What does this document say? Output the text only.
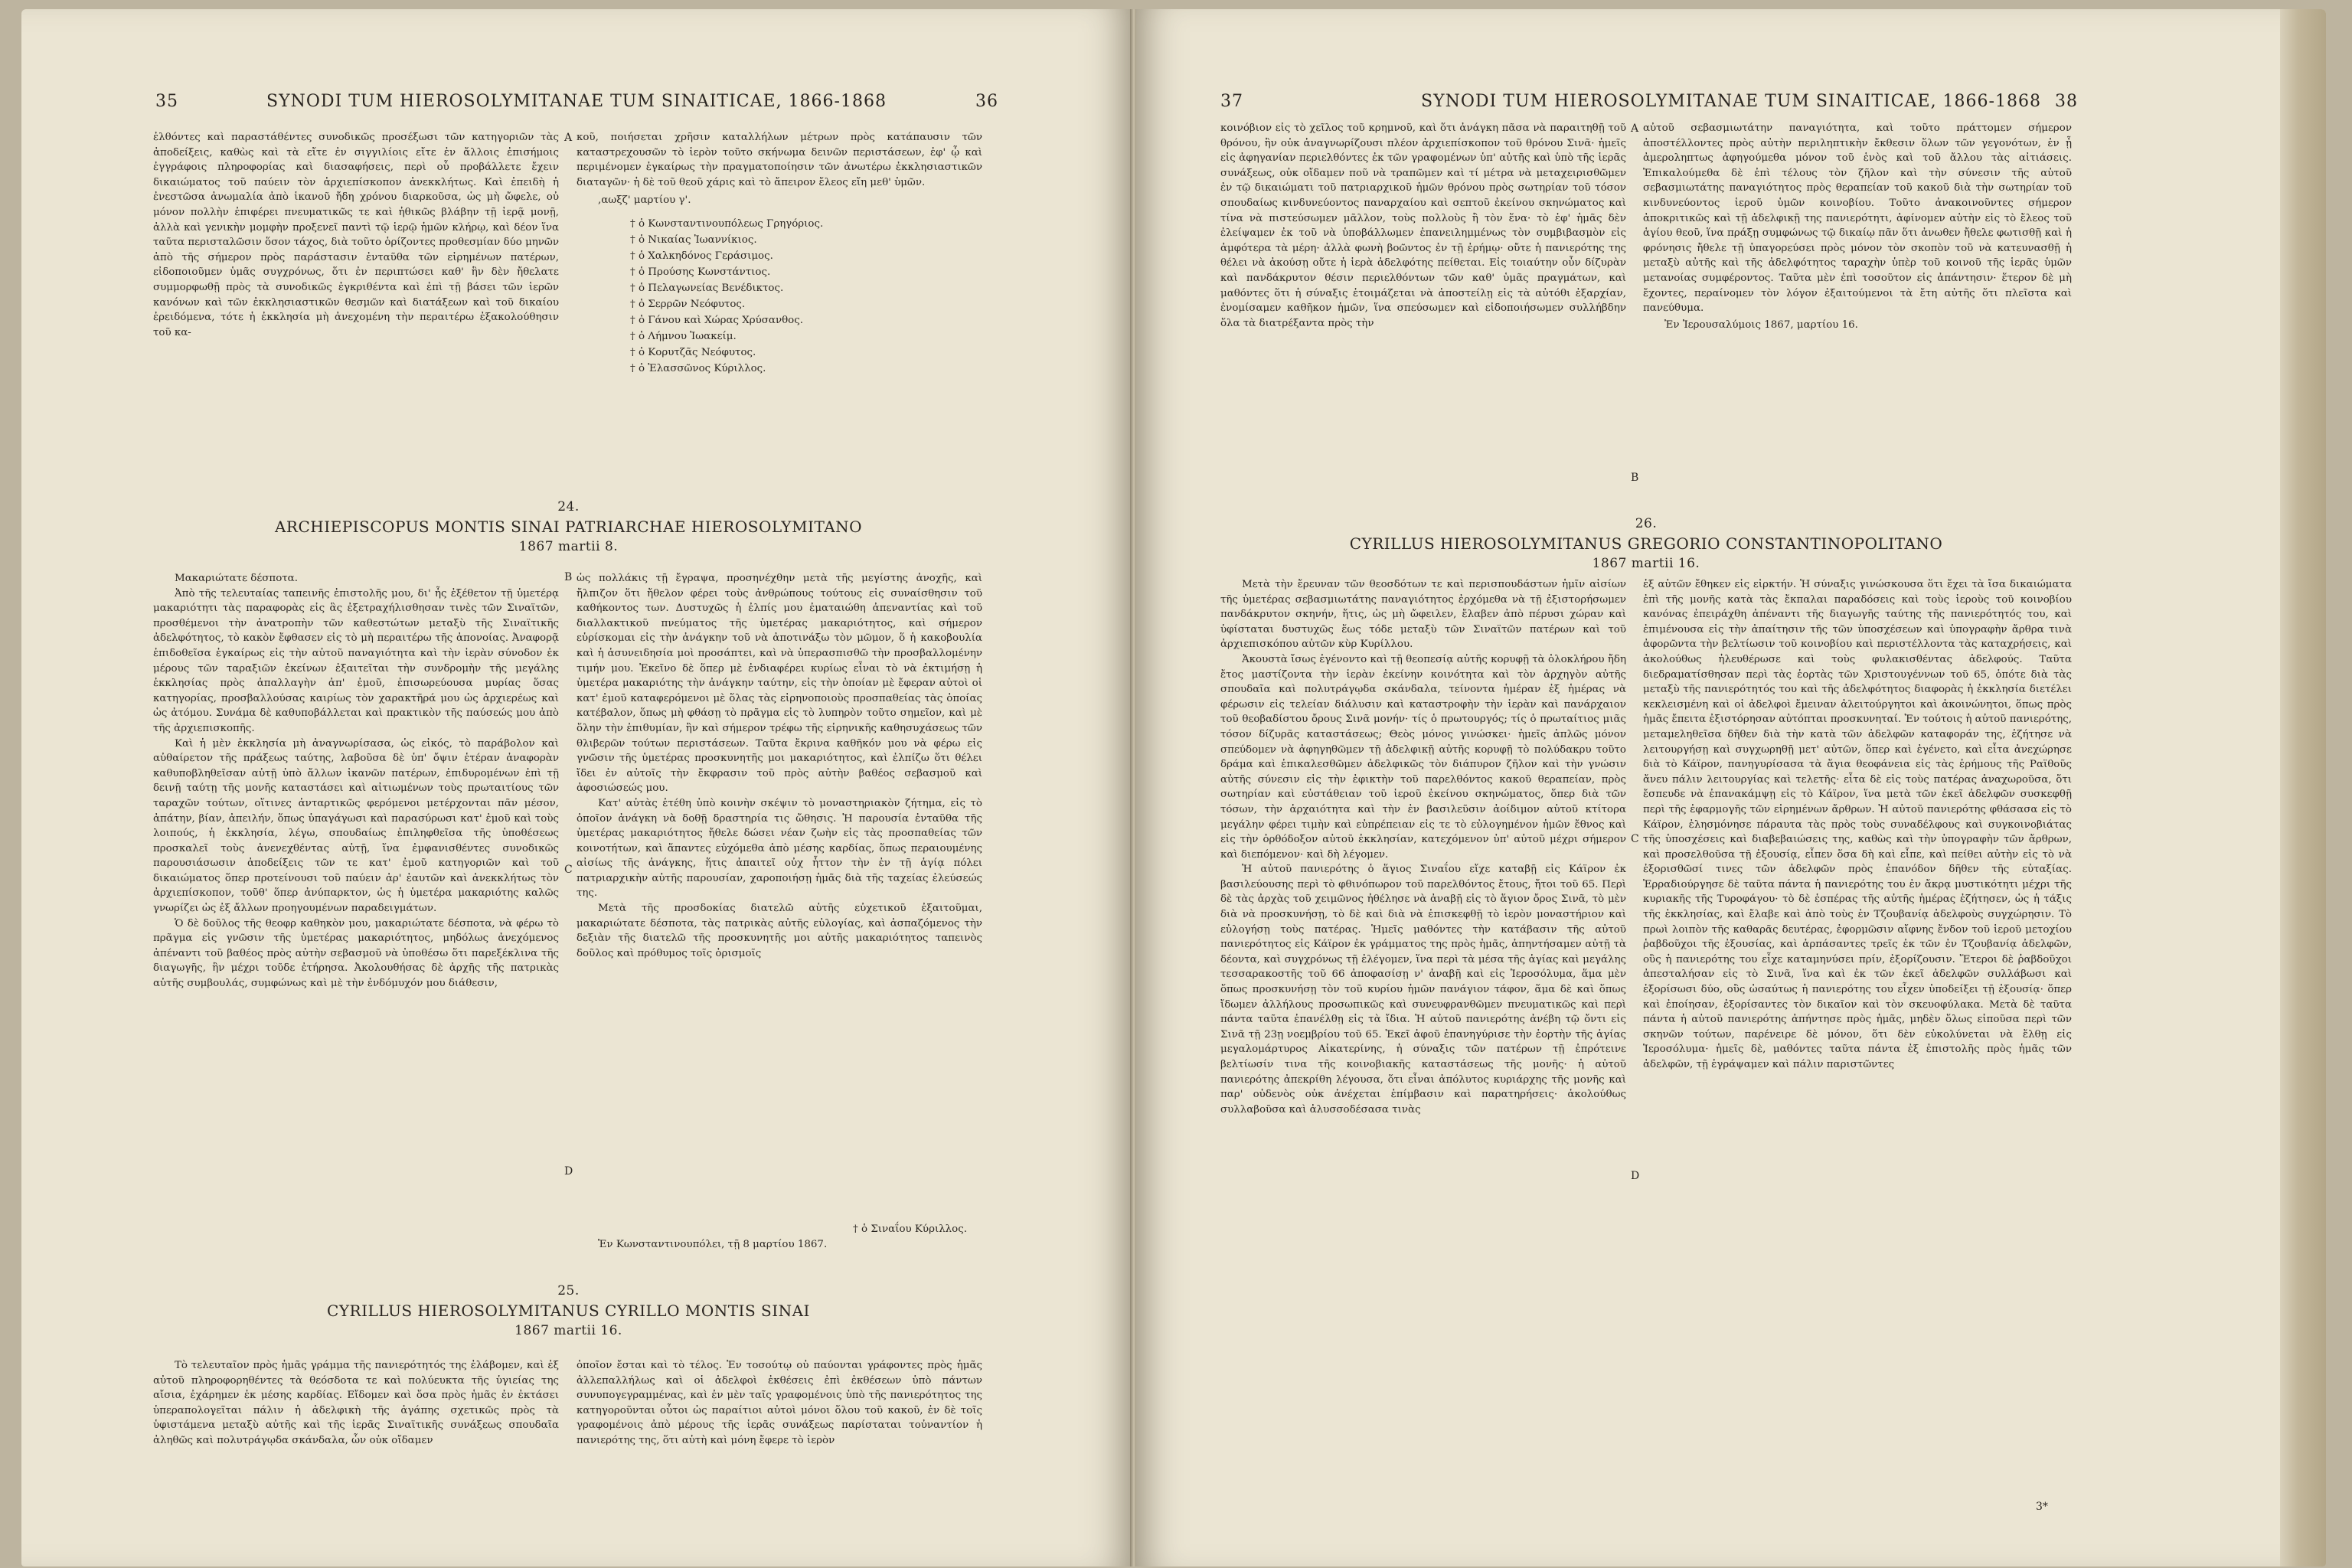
35	SYNODI TUM HIEROSOLYMITANAE TUM SINAITICAE, 1866-1868	36

ἐλθόντες καὶ παραστάθέντες συνοδικῶς προσέξωσι τῶν κατηγοριῶν τὰς ἀποδείξεις, καθὼς καὶ τὰ εἴτε ἐν σιγγιλίοις εἴτε ἐν ἄλλοις ἐπισήμοις ἐγγράφοις πληροφορίας καὶ διασαφήσεις, περὶ οὗ προβάλλετε ἔχειν δικαιώματος τοῦ παύειν τὸν ἀρχιεπίσκοπον ἀνεκκλήτως. Καὶ ἐπειδὴ ἡ ἐνεστῶσα ἀνωμαλία ἀπὸ ἱκανοῦ ἤδη χρόνου διαρκοῦσα, ὡς μὴ ὤφελε, οὐ μόνον πολλὴν ἐπιφέρει πνευματικῶς τε καὶ ἠθικῶς βλάβην τῇ ἱερᾷ μονῇ, ἀλλὰ καὶ γενικὴν μομφὴν προξενεῖ παντὶ τῷ ἱερῷ ἡμῶν κλήρῳ, καὶ δέον ἵνα ταῦτα περισταλῶσιν ὅσον τάχος, διὰ τοῦτο ὁρίζοντες προθεσμίαν δύο μηνῶν ἀπὸ τῆς σήμερον πρὸς παράστασιν ἐνταῦθα τῶν εἰρημένων πατέρων, εἰδοποιοῦμεν ὑμᾶς συγχρόνως, ὅτι ἐν περιπτώσει καθ' ἣν δὲν ἤθελατε συμμορφωθῇ πρὸς τὰ συνοδικῶς ἐγκριθέντα καὶ ἐπὶ τῇ βάσει τῶν ἱερῶν κανόνων καὶ τῶν ἐκκλησιαστικῶν θεσμῶν καὶ διατάξεων καὶ τοῦ δικαίου ἐρειδόμενα, τότε ἡ ἐκκλησία μὴ ἀνεχομένη τὴν περαιτέρω ἐξακολούθησιν τοῦ κα-

κοῦ, ποιήσεται χρῆσιν καταλλήλων μέτρων πρὸς κατάπαυσιν τῶν καταστρεχουσῶν τὸ ἱερὸν τοῦτο σκήνωμα δεινῶν περιστάσεων, ἐφ' ᾧ καὶ περιμένομεν ἐγκαίρως τὴν πραγματοποίησιν τῶν ἀνωτέρω ἐκκλησιαστικῶν διαταγῶν· ἡ δὲ τοῦ θεοῦ χάρις καὶ τὸ ἄπειρον ἔλεος εἴη μεθ' ὑμῶν.

,αωξζ' μαρτίου γ'.

† ὁ Κωνσταντινουπόλεως Γρηγόριος.
† ὁ Νικαίας Ἰωαννίκιος.
† ὁ Χαλκηδόνος Γεράσιμος.
† ὁ Προύσης Κωνστάντιος.
† ὁ Πελαγωνείας Βενέδικτος.
† ὁ Σερρῶν Νεόφυτος.
† ὁ Γάνου καὶ Χώρας Χρύσανθος.
† ὁ Λήμνου Ἰωακείμ.
† ὁ Κορυτζᾶς Νεόφυτος.
† ὁ Ἐλασσῶνος Κύριλλος.
24.
ARCHIEPISCOPUS MONTIS SINAI PATRIARCHAE HIEROSOLYMITANO
1867 martii 8.

Μακαριώτατε δέσποτα.

Ἀπὸ τῆς τελευταίας ταπεινῆς ἐπιστολῆς μου, δι' ἧς ἐξέθετον τῇ ὑμετέρᾳ μακαριότητι τὰς παραφορὰς εἰς ἃς ἐξετραχήλισθησαν τινὲς τῶν Σιναϊτῶν, προσθέμενοι τὴν ἀνατροπὴν τῶν καθεστώτων μεταξὺ τῆς Σιναϊτικῆς ἀδελφότητος, τὸ κακὸν ἔφθασεν εἰς τὸ μὴ περαιτέρω τῆς ἀπονοίας. Ἀναφορᾷ ἐπιδοθεῖσα ἐγκαίρως εἰς τὴν αὐτοῦ παναγιότητα καὶ τὴν ἱερὰν σύνοδον ἐκ μέρους τῶν ταραξιῶν ἐκείνων ἐξαιτεῖται τὴν συνδρομὴν τῆς μεγάλης ἐκκλησίας πρὸς ἀπαλλαγὴν ἀπ' ἐμοῦ, ἐπισωρεύουσα μυρίας ὅσας κατηγορίας, προσβαλλούσας καιρίως τὸν χαρακτῆρά μου ὡς ἀρχιερέως καὶ ὡς ἀτόμου. Συνάμα δὲ καθυποβάλλεται καὶ πρακτικὸν τῆς παύσεώς μου ἀπὸ τῆς ἀρχιεπισκοπῆς.

Καὶ ἡ μὲν ἐκκλησία μὴ ἀναγνωρίσασα, ὡς εἰκός, τὸ παράβολον καὶ αὐθαίρετον τῆς πράξεως ταύτης, λαβοῦσα δὲ ὑπ' ὄψιν ἑτέραν ἀναφορὰν καθυποβληθεῖσαν αὐτῇ ὑπὸ ἄλλων ἱκανῶν πατέρων, ἐπιδυρομένων ἐπὶ τῇ δεινῇ ταύτῃ τῆς μονῆς καταστάσει καὶ αἰτιωμένων τοὺς πρωταιτίους τῶν ταραχῶν τούτων, οἵτινες ἀνταρτικῶς φερόμενοι μετέρχονται πᾶν μέσον, ἀπάτην, βίαν, ἀπειλήν, ὅπως ὑπαγάγωσι καὶ παρασύρωσι κατ' ἐμοῦ καὶ τοὺς λοιπούς, ἡ ἐκκλησία, λέγω, σπουδαίως ἐπιληφθεῖσα τῆς ὑποθέσεως προσκαλεῖ τοὺς ἀνενεχθέντας αὐτῇ, ἵνα ἐμφανισθέντες συνοδικῶς παρουσιάσωσιν ἀποδείξεις τῶν τε κατ' ἐμοῦ κατηγοριῶν καὶ τοῦ δικαιώματος ὅπερ προτείνουσι τοῦ παύειν ἀρ' ἑαυτῶν καὶ ἀνεκκλήτως τὸν ἀρχιεπίσκοπον, τοῦθ' ὅπερ ἀνύπαρκτον, ὡς ἡ ὑμετέρα μακαριότης καλῶς γνωρίζει ὡς ἐξ ἄλλων προηγουμένων παραδειγμάτων.

Ὁ δὲ δοῦλος τῆς θεοφρ καθηκὸν μου, μακαριώτατε δέσποτα, νὰ φέρω τὸ πρᾶγμα εἰς γνῶσιν τῆς ὑμετέρας μακαριότητος, μηδόλως ἀνεχόμενος ἀπέναντι τοῦ βαθέος πρὸς αὐτὴν σεβασμοῦ νὰ ὑποθέσω ὅτι παρεξέκλινα τῆς διαγωγῆς, ἣν μέχρι τοῦδε ἐτήρησα. Ἀκολουθήσας δὲ ἀρχῆς τῆς πατρικὰς αὐτῆς συμβουλάς, συμφώνως καὶ μὲ τὴν ἐνδόμυχόν μου διάθεσιν,

ὡς πολλάκις τῇ ἔγραψα, προσηνέχθην μετὰ τῆς μεγίστης ἀνοχῆς, καὶ ἤλπιζον ὅτι ἤθελον φέρει τοὺς ἀνθρώπους τούτους εἰς συναίσθησιν τοῦ καθήκοντος των. Δυστυχῶς ἡ ἐλπίς μου ἐματαιώθη ἀπεναντίας καὶ τοῦ διαλλακτικοῦ πνεύματος τῆς ὑμετέρας μακαριότητος, καὶ σήμερον εὑρίσκομαι εἰς τὴν ἀνάγκην τοῦ νὰ ἀποτινάξω τὸν μῶμον, ὅ ἡ κακοβουλία καὶ ἡ ἀσυνειδησία μοὶ προσάπτει, καὶ νὰ ὑπερασπισθῶ τὴν προσβαλλομένην τιμήν μου. Ἐκεῖνο δὲ ὅπερ μὲ ἐνδιαφέρει κυρίως εἶναι τὸ νὰ ἐκτιμήσῃ ἡ ὑμετέρα μακαριότης τὴν ἀνάγκην ταύτην, εἰς τὴν ὁποίαν μὲ ἔφεραν αὐτοὶ οἱ κατ' ἐμοῦ καταφερόμενοι μὲ ὅλας τὰς εἰρηνοποιοὺς προσπαθείας τὰς ὁποίας κατέβαλον, ὅπως μὴ φθάσῃ τὸ πρᾶγμα εἰς τὸ λυπηρὸν τοῦτο σημεῖον, καὶ μὲ ὅλην τὴν ἐπιθυμίαν, ἣν καὶ σήμερον τρέφω τῆς εἰρηνικῆς καθησυχάσεως τῶν θλιβερῶν τούτων περιστάσεων. Ταῦτα ἔκρινα καθῆκόν μου νὰ φέρω εἰς γνῶσιν τῆς ὑμετέρας προσκυνητῆς μοι μακαριότητος, καὶ ἐλπίζω ὅτι θέλει ἴδει ἐν αὐτοῖς τὴν ἔκφρασιν τοῦ πρὸς αὐτὴν βαθέος σεβασμοῦ καὶ ἀφοσιώσεώς μου.

Κατ' αὐτὰς ἐτέθη ὑπὸ κοινὴν σκέψιν τὸ μοναστηριακὸν ζήτημα, εἰς τὸ ὁποῖον ἀνάγκη νὰ δοθῇ δραστηρία τις ὤθησις. Ἡ παρουσία ἐνταῦθα τῆς ὑμετέρας μακαριότητος ἤθελε δώσει νέαν ζωὴν εἰς τὰς προσπαθείας τῶν κοινοτήτων, καὶ ἅπαντες εὐχόμεθα ἀπὸ μέσης καρδίας, ὅπως περαιουμένης αἰσίως τῆς ἀνάγκης, ἥτις ἀπαιτεῖ οὐχ ἧττον τὴν ἐν τῇ ἁγίᾳ πόλει πατριαρχικὴν αὐτῆς παρουσίαν, χαροποιήσῃ ἡμᾶς διὰ τῆς ταχείας ἐλεύσεώς της.

Μετὰ τῆς προσδοκίας διατελῶ αὐτῆς εὐχετικοῦ ἐξαιτοῦμαι, μακαριώτατε δέσποτα, τὰς πατρικὰς αὐτῆς εὐλογίας, καὶ ἀσπαζόμενος τὴν δεξιὰν τῆς διατελῶ τῆς προσκυνητῆς μοι αὐτῆς μακαριότητος ταπεινὸς δοῦλος καὶ πρόθυμος τοῖς ὁρισμοῖς

† ὁ Σιναΐου Κύριλλος.

Ἐν Κωνσταντινουπόλει, τῇ 8 μαρτίου 1867.

25.
CYRILLUS HIEROSOLYMITANUS CYRILLO MONTIS SINAI
1867 martii 16.

Τὸ τελευταῖον πρὸς ἡμᾶς γράμμα τῆς πανιερότητός της ἐλάβομεν, καὶ ἐξ αὐτοῦ πληροφορηθέντες τὰ θεόσδοτα τε καὶ πολύευκτα τῆς ὑγιείας της αἴσια, ἐχάρημεν ἐκ μέσης καρδίας. Εἴδομεν καὶ ὅσα πρὸς ἡμᾶς ἐν ἐκτάσει ὑπεραπολογεῖται πάλιν ἡ ἀδελφικὴ τῆς ἀγάπης σχετικῶς πρὸς τὰ ὑφιστάμενα μεταξὺ αὐτῆς καὶ τῆς ἱερᾶς Σιναϊτικῆς συνάξεως σπουδαῖα ἀληθῶς καὶ πολυτράγῳδα σκάνδαλα, ὧν οὐκ οἴδαμεν

ὁποῖον ἔσται καὶ τὸ τέλος. Ἐν τοσούτῳ οὐ παύονται γράφοντες πρὸς ἡμᾶς ἀλλεπαλλήλως καὶ οἱ ἀδελφοὶ ἐκθέσεις ἐπὶ ἐκθέσεων ὑπὸ πάντων συνυπογεγραμμένας, καὶ ἐν μὲν ταῖς γραφομένοις ὑπὸ τῆς πανιερότητος της κατηγοροῦνται οὗτοι ὡς παραίτιοι αὐτοὶ μόνοι ὅλου τοῦ κακοῦ, ἐν δὲ τοῖς γραφομένοις ἀπὸ μέρους τῆς ἱερᾶς συνάξεως παρίσταται τοὐναντίον ἡ πανιερότης της, ὅτι αὐτὴ καὶ μόνη ἔφερε τὸ ἱερὸν

A
B
C
D
37	SYNODI TUM HIEROSOLYMITANAE TUM SINAITICAE, 1866-1868 38

κοινόβιον εἰς τὸ χεῖλος τοῦ κρημνοῦ, καὶ ὅτι ἀνάγκη πᾶσα νὰ παραιτηθῇ τοῦ θρόνου, ἢν οὐκ ἀναγνωρίζουσι πλέον ἀρχιεπίσκοπον τοῦ θρόνου Σινᾶ· ἡμεῖς εἰς ἀφηγανίαν περιελθόντες ἐκ τῶν γραφομένων ὑπ' αὐτῆς καὶ ὑπὸ τῆς ἱερᾶς συνάξεως, οὐκ οἴδαμεν ποῦ νὰ τραπῶμεν καὶ τί μέτρα νὰ μεταχειρισθῶμεν ἐν τῷ δικαιώματι τοῦ πατριαρχικοῦ ἡμῶν θρόνου πρὸς σωτηρίαν τοῦ τόσον σπουδαίως κινδυνεύοντος παναρχαίου καὶ σεπτοῦ ἐκείνου σκηνώματος καὶ τίνα νὰ πιστεύσωμεν μᾶλλον, τοὺς πολλοὺς ἢ τὸν ἕνα· τὸ ἐφ' ἡμᾶς δὲν ἐλείψαμεν ἐκ τοῦ νὰ ὑποβάλλωμεν ἐπανειλημμένως τὸν συμβιβασμὸν εἰς ἀμφότερα τὰ μέρη· ἀλλὰ φωνὴ βοῶντος ἐν τῇ ἐρήμῳ· οὔτε ἡ πανιερότης της θέλει νὰ ἀκούσῃ οὔτε ἡ ἱερὰ ἀδελφότης πείθεται. Εἰς τοιαύτην οὖν δίζυρὰν καὶ πανδάκρυτον θέσιν περιελθόντων τῶν καθ' ὑμᾶς πραγμάτων, καὶ μαθόντες ὅτι ἡ σύναξις ἑτοιμάζεται νὰ ἀποστείλῃ εἰς τὰ αὐτόθι ἐξαρχίαν, ἐνομίσαμεν καθῆκον ἡμῶν, ἵνα σπεύσωμεν καὶ εἰδοποιήσωμεν συλλήβδην ὅλα τὰ διατρέξαντα πρὸς τὴν

αὐτοῦ σεβασμιωτάτην παναγιότητα, καὶ τοῦτο πράττομεν σήμερον ἀποστέλλοντες πρὸς αὐτὴν περιληπτικὴν ἔκθεσιν ὅλων τῶν γεγονότων, ἐν ᾗ ἀμεροληπτως ἀφηγούμεθα μόνον τοῦ ἑνὸς καὶ τοῦ ἄλλου τὰς αἰτιάσεις. Ἐπικαλούμεθα δὲ ἐπὶ τέλους τὸν ζῆλον καὶ τὴν σύνεσιν τῆς αὐτοῦ σεβασμιωτάτης παναγιότητος πρὸς θεραπείαν τοῦ κακοῦ διὰ τὴν σωτηρίαν τοῦ κινδυνεύοντος ἱεροῦ ὑμῶν κοινοβίου. Τοῦτο ἀνακοινοῦντες σήμερον ἀποκριτικῶς καὶ τῇ ἀδελφικῇ της πανιερότητι, ἀφίνομεν αὐτὴν εἰς τὸ ἔλεος τοῦ ἁγίου θεοῦ, ἵνα πράξῃ συμφώνως τῷ δικαίῳ πᾶν ὅτι ἀνωθεν ἤθελε φωτισθῇ καὶ ἡ φρόνησις ἤθελε τῇ ὑπαγορεύσει πρὸς μόνον τὸν σκοπὸν τοῦ νὰ κατευνασθῇ ἡ μεταξὺ αὐτῆς καὶ τῆς ἀδελφότητος ταραχὴν ὑπὲρ τοῦ κοινοῦ τῆς ἱερᾶς ὑμῶν μετανοίας συμφέροντος. Ταῦτα μὲν ἐπὶ τοσοῦτον εἰς ἀπάντησιν· ἕτερον δὲ μὴ ἔχοντες, περαίνομεν τὸν λόγον ἐξαιτούμενοι τὰ ἔτη αὐτῆς ὅτι πλεῖστα καὶ πανεύθυμα.

Ἐν Ἱερουσαλύμοις 1867, μαρτίου 16.

26.
CYRILLUS HIEROSOLYMITANUS GREGORIO CONSTANTINOPOLITANO
1867 martii 16.

Μετὰ τὴν ἔρευναν τῶν θεοσδότων τε καὶ περισπουδάστων ἡμῖν αἰσίων τῆς ὑμετέρας σεβασμιωτάτης παναγιότητος ἐρχόμεθα νὰ τῇ ἐξιστορήσωμεν πανδάκρυτον σκηνήν, ἥτις, ὡς μὴ ὤφειλεν, ἔλαβεν ἀπὸ πέρυσι χώραν καὶ ὑφίσταται δυστυχῶς ἕως τόδε μεταξὺ τῶν Σιναϊτῶν πατέρων καὶ τοῦ ἀρχιεπισκόπου αὐτῶν κὺρ Κυρίλλου.

Ἀκουστὰ ἴσως ἐγένοντο καὶ τῇ θεοπεσίᾳ αὐτῆς κορυφῇ τὰ ὁλοκλήρου ἤδη ἔτος μαστίζοντα τὴν ἱερὰν ἐκείνην κοινότητα καὶ τὸν ἀρχηγὸν αὐτῆς σπουδαῖα καὶ πολυτράγῳδα σκάνδαλα, τείνοντα ἡμέραν ἐξ ἡμέρας νὰ φέρωσιν εἰς τελείαν διάλυσιν καὶ καταστροφὴν τὴν ἱερὰν καὶ πανάρχαιον τοῦ θεοβαδίστου ὄρους Σινᾶ μονήν· τίς ὁ πρωτουργός; τίς ὁ πρωταίτιος μιᾶς τόσον δίζυρᾶς καταστάσεως; Θεὸς μόνος γινώσκει· ἡμεῖς ἁπλῶς μόνον σπεύδομεν νὰ ἀφηγηθῶμεν τῇ ἀδελφικῇ αὐτῆς κορυφῇ τὸ πολύδακρυ τοῦτο δράμα καὶ ἐπικαλεσθῶμεν ἀδελφικῶς τὸν διάπυρον ζῆλον καὶ τὴν γνώσιν αὐτῆς σύνεσιν εἰς τὴν ἐφικτὴν τοῦ παρελθόντος κακοῦ θεραπείαν, πρὸς σωτηρίαν καὶ εὐστάθειαν τοῦ ἱεροῦ ἐκείνου σκηνώματος, ὅπερ διὰ τῶν τόσων, τὴν ἀρχαιότητα καὶ τὴν ἐν βασιλεῦσιν ἀοίδιμον αὐτοῦ κτίτορα μεγάλην φέρει τιμὴν καὶ εὐπρέπειαν εἰς τε τὸ εὐλογημένον ἡμῶν ἔθνος καὶ εἰς τὴν ὀρθόδοξον αὐτοῦ ἐκκλησίαν, κατεχόμενον ὑπ' αὐτοῦ μέχρι σήμερον καὶ διεπόμενον· καὶ δὴ λέγομεν.

Ἡ αὐτοῦ πανιερότης ὁ ἅγιος Σιναΐου εἴχε καταβῇ εἰς Κάϊρον ἐκ βασιλεύουσης περὶ τὸ φθινόπωρον τοῦ παρελθόντος ἔτους, ἤτοι τοῦ 65. Περὶ δὲ τὰς ἀρχὰς τοῦ χειμῶνος ἠθέλησε νὰ ἀναβῇ εἰς τὸ ἅγιον ὄρος Σινᾶ, τὸ μὲν διὰ νὰ προσκυνήσῃ, τὸ δὲ καὶ διὰ νὰ ἐπισκεφθῇ τὸ ἱερὸν μοναστήριον καὶ εὐλογήσῃ τοὺς πατέρας. Ἡμεῖς μαθόντες τὴν κατάβασιν τῆς αὐτοῦ πανιερότητος εἰς Κάϊρον ἐκ γράμματος της πρὸς ἡμᾶς, ἀπηντήσαμεν αὐτῇ τὰ δέοντα, καὶ συγχρόνως τῇ ἐλέγομεν, ἵνα περὶ τὰ μέσα τῆς ἁγίας καὶ μεγάλης τεσσαρακοστῆς τοῦ 66 ἀποφασίσῃ ν' ἀναβῇ καὶ εἰς Ἱεροσόλυμα, ἅμα μὲν ὅπως προσκυνήσῃ τὸν τοῦ κυρίου ἡμῶν πανάγιον τάφον, ἅμα δὲ καὶ ὅπως ἴδωμεν ἀλλήλους προσωπικῶς καὶ συνευφρανθῶμεν πνευματικῶς καὶ περὶ πάντα ταῦτα ἐπανέλθῃ εἰς τὰ ἴδια. Ἡ αὐτοῦ πανιερότης ἀνέβη τῷ ὄντι εἰς Σινᾶ τῇ 23ῃ νοεμβρίου τοῦ 65. Ἐκεῖ ἀφοῦ ἐπανηγύρισε τὴν ἑορτὴν τῆς ἁγίας μεγαλομάρτυρος Αἰκατερίνης, ἡ σύναξις τῶν πατέρων τῇ ἐπρότεινε βελτίωσίν τινα τῆς κοινοβιακῆς καταστάσεως τῆς μονῆς· ἡ αὐτοῦ πανιερότης ἀπεκρίθη λέγουσα, ὅτι εἶναι ἀπόλυτος κυριάρχης τῆς μονῆς καὶ παρ' οὐδενὸς οὐκ ἀνέχεται ἐπίμβασιν καὶ παρατηρήσεις· ἀκολούθως συλλαβοῦσα καὶ ἀλυσσοδέσασα τινὰς

ἐξ αὐτῶν ἔθηκεν εἰς εἱρκτήν. Ἡ σύναξις γινώσκουσα ὅτι ἔχει τὰ ἴσα δικαιώματα ἐπὶ τῆς μονῆς κατὰ τὰς ἔκπαλαι παραδόσεις καὶ τοὺς ἱεροὺς τοῦ κοινοβίου κανόνας ἐπειράχθη ἀπέναντι τῆς διαγωγῆς ταύτης τῆς πανιερότητός του, καὶ ἐπιμένουσα εἰς τὴν ἀπαίτησιν τῆς τῶν ὑποσχέσεων καὶ ὑπογραφὴν ἄρθρα τινὰ ἀφορῶντα τὴν βελτίωσιν τοῦ κοινοβίου καὶ περιστέλλοντα τὰς καταχρήσεις, καὶ ἀκολούθως ἠλευθέρωσε καὶ τοὺς φυλακισθέντας ἀδελφούς. Ταῦτα διεδραματίσθησαν περὶ τὰς ἑορτὰς τῶν Χριστουγέννων τοῦ 65, ὁπότε διὰ τὰς μεταξὺ τῆς πανιερότητός του καὶ τῆς ἀδελφότητος διαφορὰς ἡ ἐκκλησία διετέλει κεκλεισμένη καὶ οἱ ἀδελφοὶ ἔμειναν ἀλειτούργητοι καὶ ἀκοινώνητοι, ὅπως πρὸς ἡμᾶς ἔπειτα ἐξιστόρησαν αὐτόπται προσκυνηταί. Ἐν τούτοις ἡ αὐτοῦ πανιερότης, μεταμεληθεῖσα δῆθεν διὰ τὴν κατὰ τῶν ἀδελφῶν καταφοράν της, ἐζήτησε νὰ λειτουργήσῃ καὶ συγχωρηθῇ μετ' αὐτῶν, ὅπερ καὶ ἐγένετο, καὶ εἶτα ἀνεχώρησε διὰ τὸ Κάϊρον, πανηγυρίσασα τὰ ἅγια θεοφάνεια εἰς τὰς ἐρήμους τῆς Ραϊθοῦς ἄνευ πάλιν λειτουργίας καὶ τελετῆς· εἶτα δὲ εἰς τοὺς πατέρας ἀναχωροῦσα, ὅτι ἔσπευδε νὰ ἐπανακάμψῃ εἰς τὸ Κάϊρον, ἵνα μετὰ τῶν ἐκεῖ ἀδελφῶν συσκεφθῇ περὶ τῆς ἐφαρμογῆς τῶν εἰρημένων ἄρθρων. Ἡ αὐτοῦ πανιερότης φθάσασα εἰς τὸ Κάϊρον, ἐλησμόνησε πάραυτα τὰς πρὸς τοὺς συναδέλφους καὶ συγκοινοβιάτας τῆς ὑποσχέσεις καὶ διαβεβαιώσεις της, καθὼς καὶ τὴν ὑπογραφὴν τῶν ἄρθρων, καὶ προσελθοῦσα τῇ ἐξουσίᾳ, εἶπεν ὅσα δὴ καὶ εἶπε, καὶ πείθει αὐτὴν εἰς τὸ νὰ ἐξορισθῶσί τινες τῶν ἀδελφῶν πρὸς ἐπανόδον δῆθεν τῆς εὐταξίας. Ἐρραδιούργησε δὲ ταῦτα πάντα ἡ πανιερότης του ἐν ἄκρᾳ μυστικότητι μέχρι τῆς κυριακῆς τῆς Τυροφάγου· τὸ δὲ ἑσπέρας τῆς αὐτῆς ἡμέρας ἐζήτησεν, ὡς ἡ τάξις τῆς ἐκκλησίας, καὶ ἔλαβε καὶ ἀπὸ τοὺς ἐν Τζουβανίᾳ ἀδελφοὺς συγχώρησιν. Τὸ πρωὶ λοιπὸν τῆς καθαρᾶς δευτέρας, ἐφορμῶσιν αἴφνης ἔνδον τοῦ ἱεροῦ μετοχίου ῥαβδοῦχοι τῆς ἐξουσίας, καὶ ἁρπάσαντες τρεῖς ἐκ τῶν ἐν Τζουβανίᾳ ἀδελφῶν, οὓς ἡ πανιερότης του εἶχε καταμηνύσει πρίν, ἐξορίζουσιν. Ἕτεροι δὲ ῥαβδοῦχοι ἀπεσταλήσαν εἰς τὸ Σινᾶ, ἵνα καὶ ἐκ τῶν ἐκεῖ ἀδελφῶν συλλάβωσι καὶ ἐξορίσωσι δύο, οὓς ὡσαύτως ἡ πανιερότης του εἶχεν ὑποδείξει τῇ ἐξουσίᾳ· ὅπερ καὶ ἐποίησαν, ἐξορίσαντες τὸν δικαῖον καὶ τὸν σκευοφύλακα. Μετὰ δὲ ταῦτα πάντα ἡ αὐτοῦ πανιερότης ἀπήντησε πρὸς ἡμᾶς, μηδὲν ὅλως εἰποῦσα περὶ τῶν σκηνῶν τούτων, παρένειρε δὲ μόνον, ὅτι δὲν εὐκολύνεται νὰ ἔλθῃ εἰς Ἱεροσόλυμα· ἡμεῖς δὲ, μαθόντες ταῦτα πάντα ἐξ ἐπιστολῆς πρὸς ἡμᾶς τῶν ἀδελφῶν, τῇ ἐγράψαμεν καὶ πάλιν παριστῶντες

3*
A
B
C
D
